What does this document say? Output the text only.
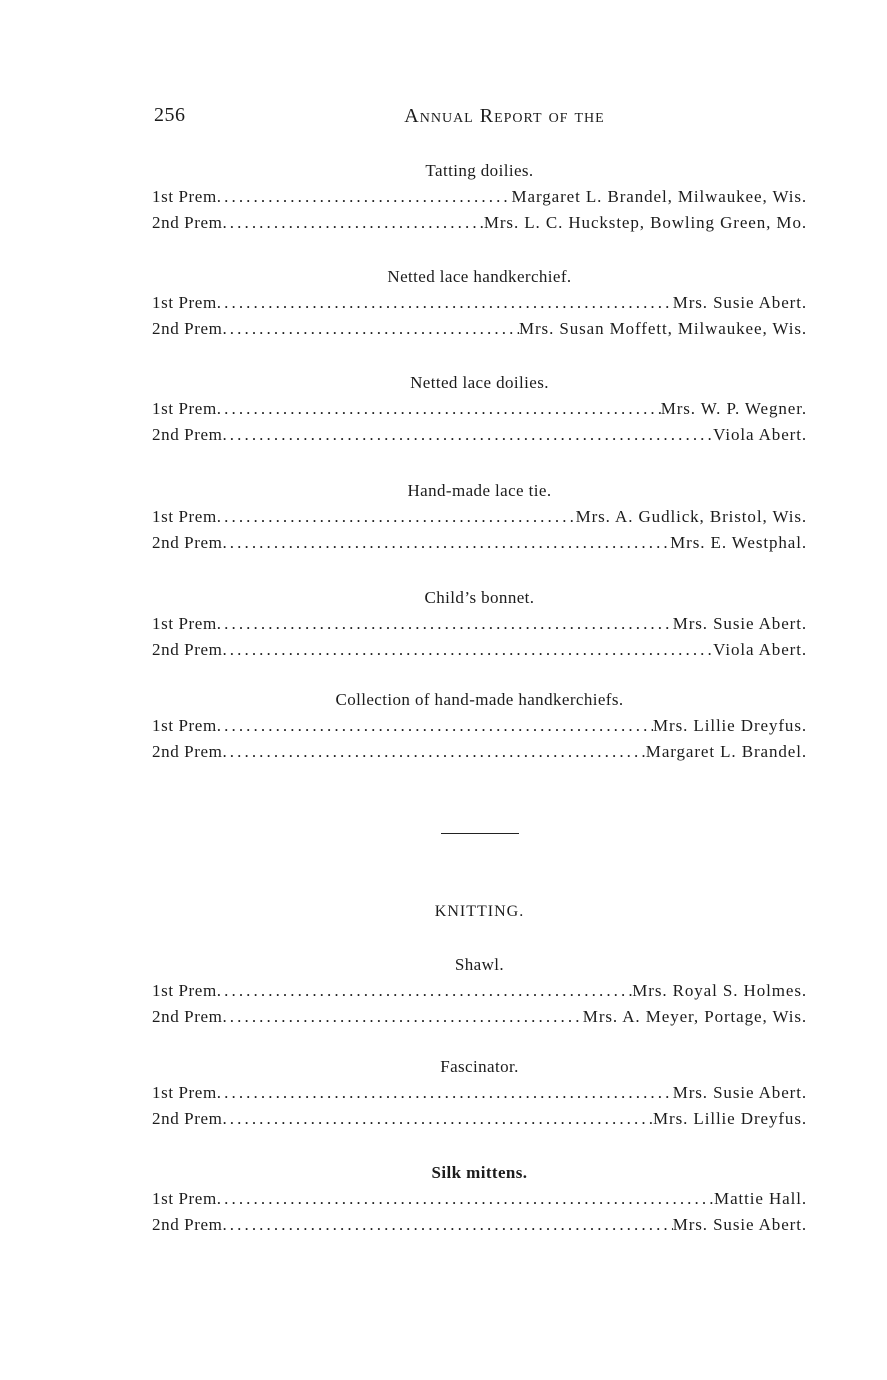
256	Annual Report of the
Tatting doilies.
1st Prem .....	Margaret L. Brandel, Milwaukee, Wis.
2nd Prem .....	Mrs. L. C. Huckstep, Bowling Green, Mo.
Netted lace handkerchief.
1st Prem .....	Mrs. Susie Abert.
2nd Prem .....	Mrs. Susan Moffett, Milwaukee, Wis.
Netted lace doilies.
1st Prem .....	Mrs. W. P. Wegner.
2nd Prem .....	Viola Abert.
Hand-made lace tie.
1st Prem .....	Mrs. A. Gudlick, Bristol, Wis.
2nd Prem .....	Mrs. E. Westphal.
Child’s bonnet.
1st Prem .....	Mrs. Susie Abert.
2nd Prem .....	Viola Abert.
Collection of hand-made handkerchiefs.
1st Prem .....	Mrs. Lillie Dreyfus.
2nd Prem .....	Margaret L. Brandel.
KNITTING.
Shawl.
1st Prem .....	Mrs. Royal S. Holmes.
2nd Prem .....	Mrs. A. Meyer, Portage, Wis.
Fascinator.
1st Prem .....	Mrs. Susie Abert.
2nd Prem .....	Mrs. Lillie Dreyfus.
Silk mittens.
1st Prem .....	Mattie Hall.
2nd Prem .....	Mrs. Susie Abert.
